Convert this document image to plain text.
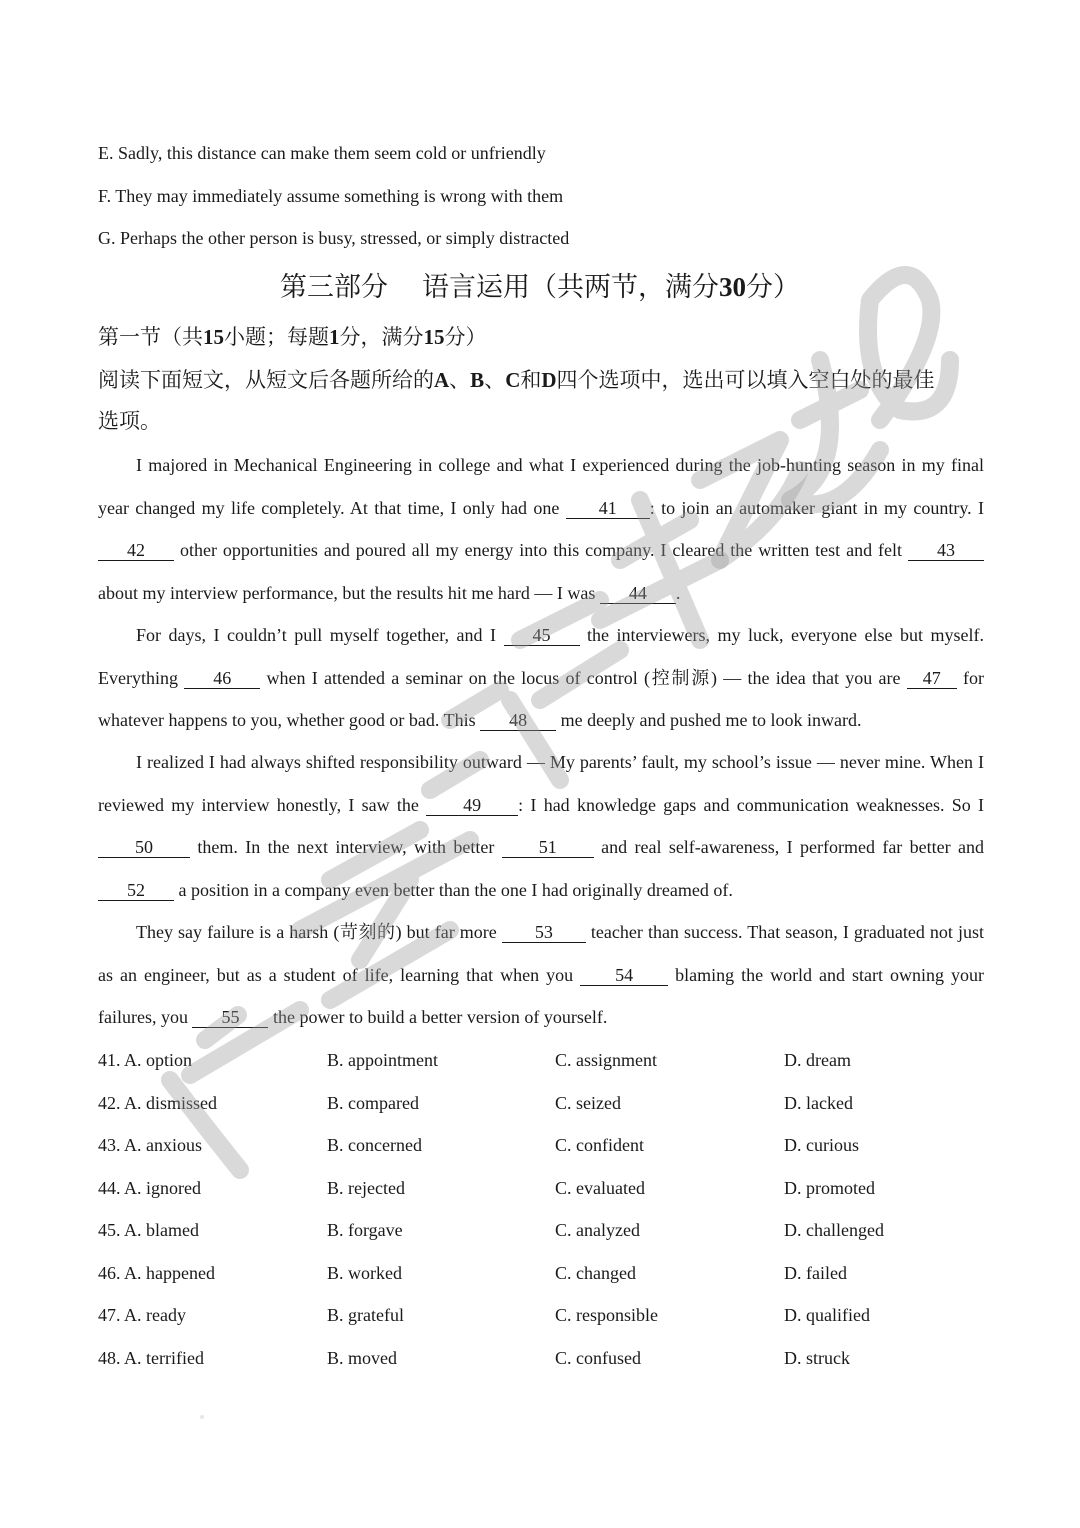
E. Sadly, this distance can make them seem cold or unfriendly
F. They may immediately assume something is wrong with them
G. Perhaps the other person is busy, stressed, or simply distracted
第三部分 语言运用（共两节，满分30分）
第一节（共15小题；每题1分，满分15分）
阅读下面短文，从短文后各题所给的A、B、C和D四个选项中，选出可以填入空白处的最佳
选项。
I majored in Mechanical Engineering in college and what I experienced during the job-hunting season in my final year changed my life completely. At that time, I only had one 41 : to join an automaker giant in my country. I 42 other opportunities and poured all my energy into this company. I cleared the written test and felt 43 about my interview performance, but the results hit me hard — I was 44 .
For days, I couldn’t pull myself together, and I 45 the interviewers, my luck, everyone else but myself. Everything 46 when I attended a seminar on the locus of control (控制源) — the idea that you are 47 for whatever happens to you, whether good or bad. This 48 me deeply and pushed me to look inward.
I realized I had always shifted responsibility outward — My parents’ fault, my school’s issue — never mine. When I reviewed my interview honestly, I saw the 49 : I had knowledge gaps and communication weaknesses. So I 50 them. In the next interview, with better 51 and real self-awareness, I performed far better and 52 a position in a company even better than the one I had originally dreamed of.
They say failure is a harsh (苛刻的) but far more 53 teacher than success. That season, I graduated not just as an engineer, but as a student of life, learning that when you 54 blaming the world and start owning your failures, you 55 the power to build a better version of yourself.
41. A. option	B. appointment	C. assignment	D. dream
42. A. dismissed	B. compared	C. seized	D. lacked
43. A. anxious	B. concerned	C. confident	D. curious
44. A. ignored	B. rejected	C. evaluated	D. promoted
45. A. blamed	B. forgave	C. analyzed	D. challenged
46. A. happened	B. worked	C. changed	D. failed
47. A. ready	B. grateful	C. responsible	D. qualified
48. A. terrified	B. moved	C. confused	D. struck
